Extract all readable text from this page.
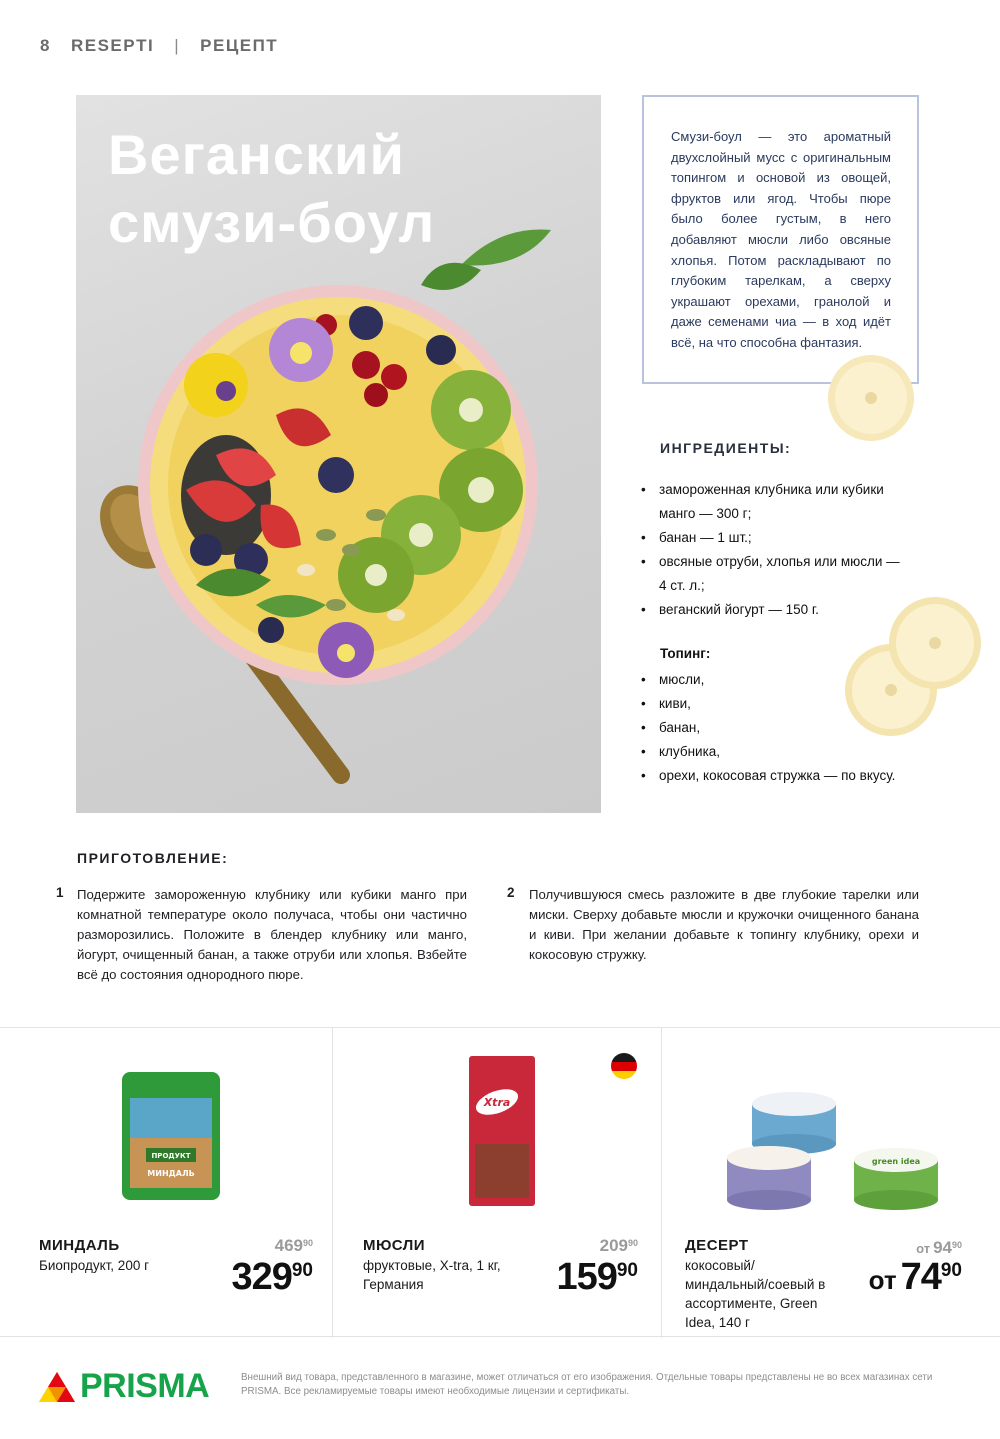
8 RESEPTI | РЕЦЕПТ
Веганский
смузи-боул

Смузи-боул — это ароматный двухслойный мусс с оригинальным топингом и основой из овощей, фруктов или ягод. Чтобы пюре было более густым, в него добавляют мюсли либо овсяные хлопья. Потом раскладывают по глубоким тарелкам, а сверху украшают орехами, гранолой и даже семенами чиа — в ход идёт всё, на что способна фантазия.

ИНГРЕДИЕНТЫ:
• замороженная клубника или кубики манго — 300 г;
• банан — 1 шт.;
• овсяные отруби, хлопья или мюсли — 4 ст. л.;
• веганский йогурт — 150 г.
Топинг:
• мюсли,
• киви,
• банан,
• клубника,
• орехи, кокосовая стружка — по вкусу.
ПРИГОТОВЛЕНИЕ:
1 Подержите замороженную клубнику или кубики манго при комнатной температуре около получаса, чтобы они частично разморозились. Положите в блендер клубнику или манго, йогурт, очищенный банан, а также отруби или хлопья. Взбейте всё до состояния однородного пюре.
2 Получившуюся смесь разложите в две глубокие тарелки или миски. Сверху добавьте мюсли и кружочки очищенного банана и киви. При желании добавьте к топингу клубнику, орехи и кокосовую стружку.
ПРОДУКТ
МИНДАЛЬ
МИНДАЛЬ
Биопродукт, 200 г
$469^{90}$
$329^{90}$
Xtra
МЮСЛИ
фруктовые, X-tra, 1 кг, Германия
$209^{90}$
$159^{90}$
green idea
ДЕСЕРТ
кокосовый/ миндальный/соевый в ассортименте, Green Idea, 140 г
от $94^{90}$
от $74^{90}$
PRISMA	Внешний вид товара, представленного в магазине, может отличаться от его изображения. Отдельные товары представлены не во всех магазинах сети PRISMA. Все рекламируемые товары имеют необходимые лицензии и сертификаты.
